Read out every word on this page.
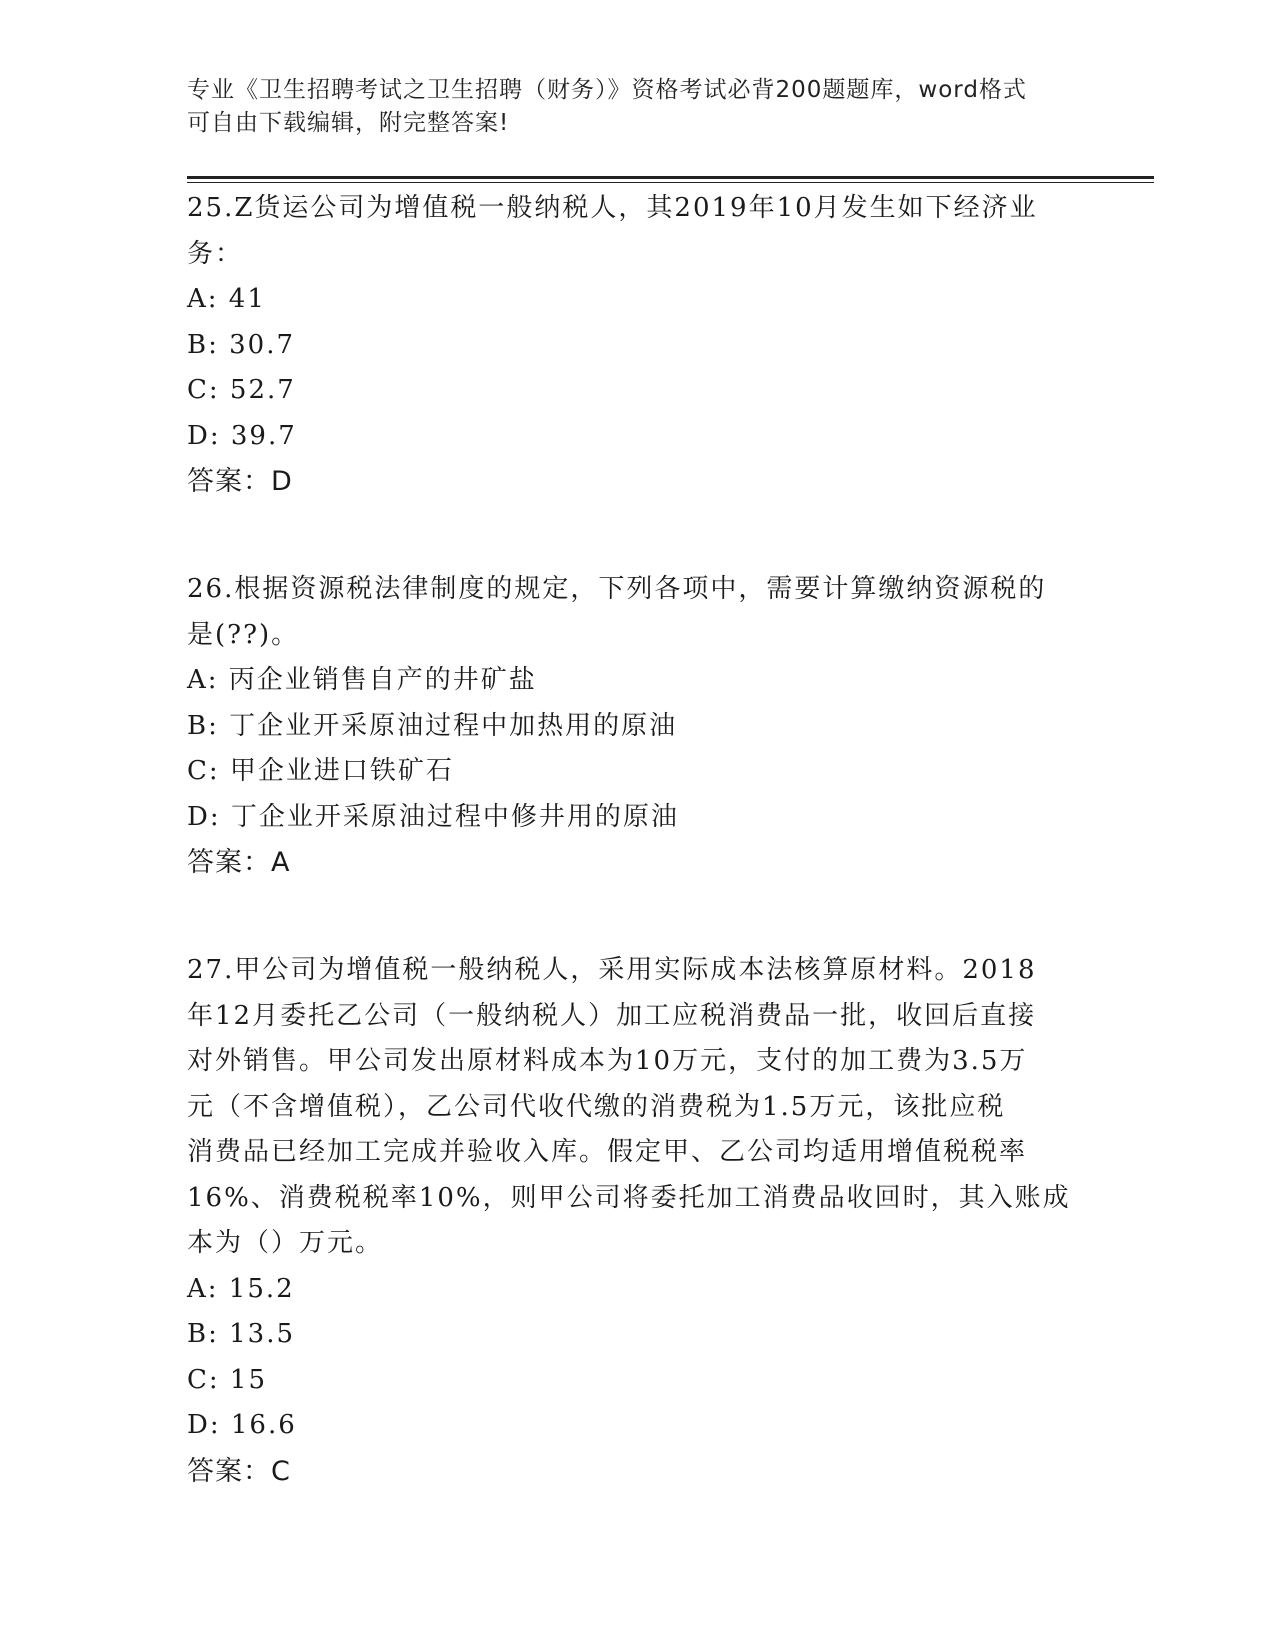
专业《卫生招聘考试之卫生招聘（财务）》资格考试必背200题题库，word格式
可自由下载编辑，附完整答案!
25.Z货运公司为增值税一般纳税人，其2019年10月发生如下经济业
务：
A: 41
B: 30.7
C: 52.7
D: 39.7
答案：D
26.根据资源税法律制度的规定，下列各项中，需要计算缴纳资源税的
是(??)。
A: 丙企业销售自产的井矿盐
B: 丁企业开采原油过程中加热用的原油
C: 甲企业进口铁矿石
D: 丁企业开采原油过程中修井用的原油
答案：A
27.甲公司为增值税一般纳税人，采用实际成本法核算原材料。2018
年12月委托乙公司（一般纳税人）加工应税消费品一批，收回后直接
对外销售。甲公司发出原材料成本为10万元，支付的加工费为3.5万
元（不含增值税），乙公司代收代缴的消费税为1.5万元，该批应税
消费品已经加工完成并验收入库。假定甲、乙公司均适用增值税税率
16%、消费税税率10%，则甲公司将委托加工消费品收回时，其入账成
本为（）万元。
A: 15.2
B: 13.5
C: 15
D: 16.6
答案：C
